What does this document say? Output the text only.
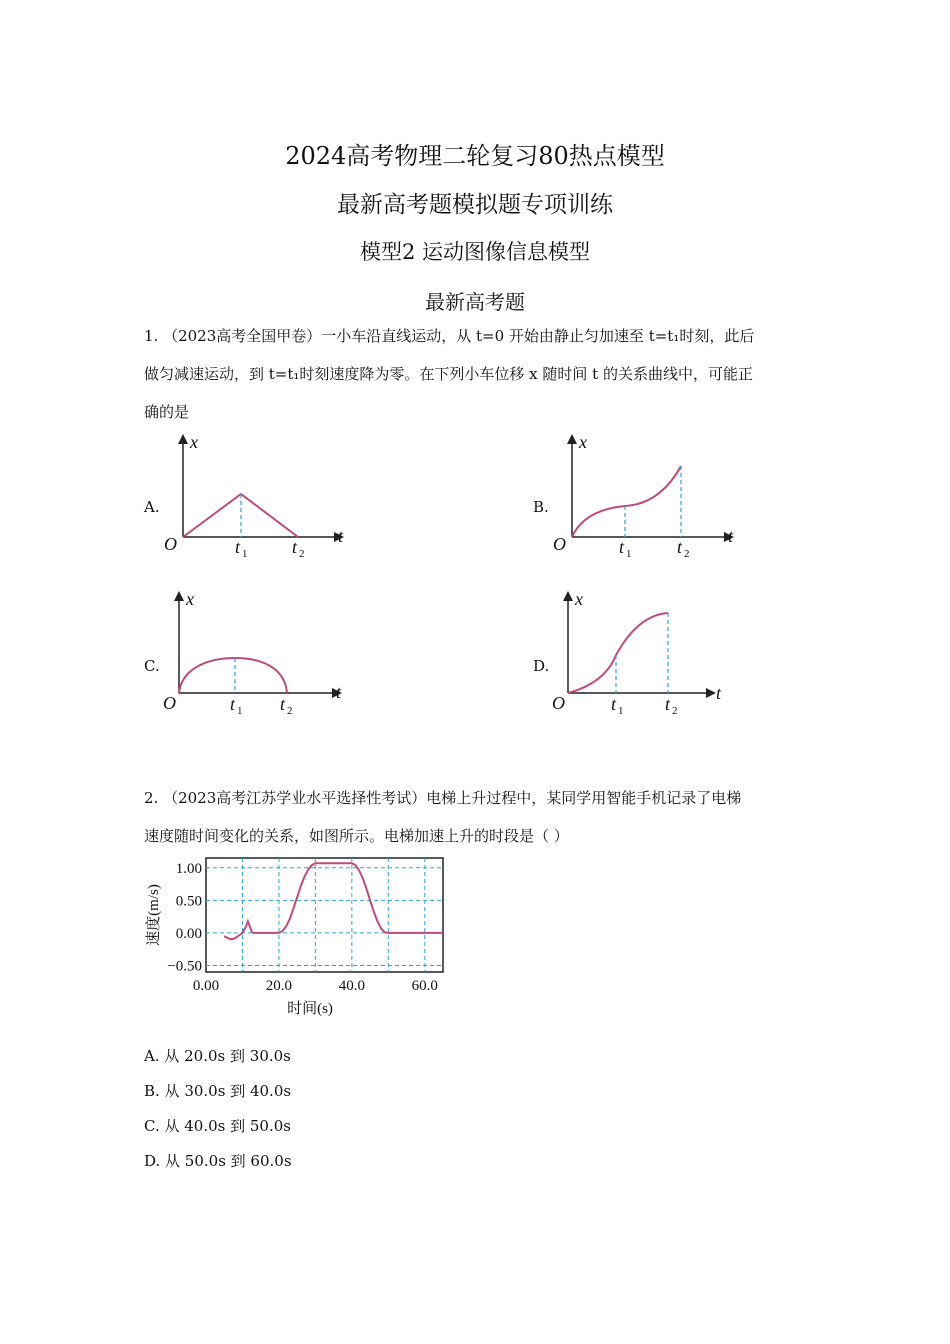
2024高考物理二轮复习80热点模型
最新高考题模拟题专项训练
模型2 运动图像信息模型
最新高考题
1. （2023高考全国甲卷）一小车沿直线运动，从 t=0 开始由静止匀加速至 t=t₁时刻，此后
做匀减速运动，到 t=t₁时刻速度降为零。在下列小车位移 x 随时间 t 的关系曲线中，可能正
确的是
A.
x
t
O	t 1 t 2
B.
x
t
O	t 1	t 2
C.
x
t
O	t 1 t 2
D.
x
t
O	t 1 t 2
2. （2023高考江苏学业水平选择性考试）电梯上升过程中，某同学用智能手机记录了电梯
速度随时间变化的关系，如图所示。电梯加速上升的时段是（ ）
1.00
0.50
0.00
−0.50
0.00	20.0	40.0	60.0
时间(s)
速度(m/s)
A. 从 20.0s 到 30.0s
B. 从 30.0s 到 40.0s
C. 从 40.0s 到 50.0s
D. 从 50.0s 到 60.0s
